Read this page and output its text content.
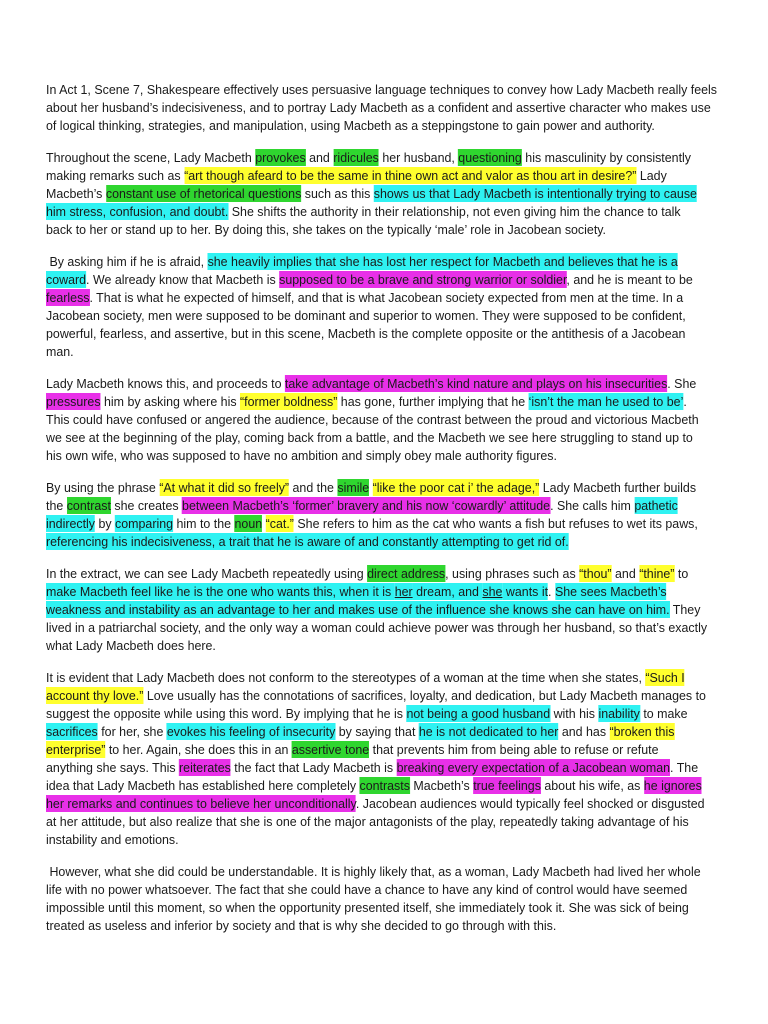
In Act 1, Scene 7, Shakespeare effectively uses persuasive language techniques to convey how Lady Macbeth really feels
about her husband’s indecisiveness, and to portray Lady Macbeth as a confident and assertive character who makes use
of logical thinking, strategies, and manipulation, using Macbeth as a steppingstone to gain power and authority.
Throughout the scene, Lady Macbeth provokes and ridicules her husband, questioning his masculinity by consistently
making remarks such as “art though afeard to be the same in thine own act and valor as thou art in desire?” Lady
Macbeth’s constant use of rhetorical questions such as this shows us that Lady Macbeth is intentionally trying to cause
him stress, confusion, and doubt. She shifts the authority in their relationship, not even giving him the chance to talk
back to her or stand up to her. By doing this, she takes on the typically ‘male’ role in Jacobean society.
By asking him if he is afraid, she heavily implies that she has lost her respect for Macbeth and believes that he is a
coward. We already know that Macbeth is supposed to be a brave and strong warrior or soldier, and he is meant to be
fearless. That is what he expected of himself, and that is what Jacobean society expected from men at the time. In a
Jacobean society, men were supposed to be dominant and superior to women. They were supposed to be confident,
powerful, fearless, and assertive, but in this scene, Macbeth is the complete opposite or the antithesis of a Jacobean
man.
Lady Macbeth knows this, and proceeds to take advantage of Macbeth’s kind nature and plays on his insecurities. She
pressures him by asking where his “former boldness” has gone, further implying that he ‘isn’t the man he used to be’.
This could have confused or angered the audience, because of the contrast between the proud and victorious Macbeth
we see at the beginning of the play, coming back from a battle, and the Macbeth we see here struggling to stand up to
his own wife, who was supposed to have no ambition and simply obey male authority figures.
By using the phrase “At what it did so freely” and the simile “like the poor cat i’ the adage,” Lady Macbeth further builds
the contrast she creates between Macbeth’s ‘former’ bravery and his now ‘cowardly’ attitude. She calls him pathetic
indirectly by comparing him to the noun “cat.” She refers to him as the cat who wants a fish but refuses to wet its paws,
referencing his indecisiveness, a trait that he is aware of and constantly attempting to get rid of.
In the extract, we can see Lady Macbeth repeatedly using direct address, using phrases such as “thou” and “thine” to
make Macbeth feel like he is the one who wants this, when it is her dream, and she wants it. She sees Macbeth’s
weakness and instability as an advantage to her and makes use of the influence she knows she can have on him. They
lived in a patriarchal society, and the only way a woman could achieve power was through her husband, so that’s exactly
what Lady Macbeth does here.
It is evident that Lady Macbeth does not conform to the stereotypes of a woman at the time when she states, “Such I
account thy love.” Love usually has the connotations of sacrifices, loyalty, and dedication, but Lady Macbeth manages to
suggest the opposite while using this word. By implying that he is not being a good husband with his inability to make
sacrifices for her, she evokes his feeling of insecurity by saying that he is not dedicated to her and has “broken this
enterprise” to her. Again, she does this in an assertive tone that prevents him from being able to refuse or refute
anything she says. This reiterates the fact that Lady Macbeth is breaking every expectation of a Jacobean woman. The
idea that Lady Macbeth has established here completely contrasts Macbeth’s true feelings about his wife, as he ignores
her remarks and continues to believe her unconditionally. Jacobean audiences would typically feel shocked or disgusted
at her attitude, but also realize that she is one of the major antagonists of the play, repeatedly taking advantage of his
instability and emotions.
However, what she did could be understandable. It is highly likely that, as a woman, Lady Macbeth had lived her whole
life with no power whatsoever. The fact that she could have a chance to have any kind of control would have seemed
impossible until this moment, so when the opportunity presented itself, she immediately took it. She was sick of being
treated as useless and inferior by society and that is why she decided to go through with this.
